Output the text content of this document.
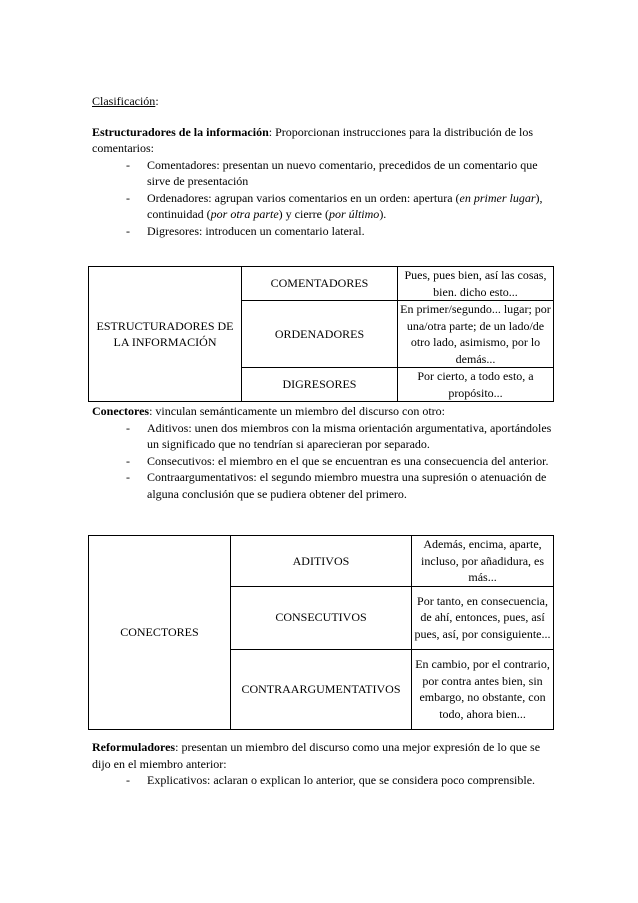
Clasificación:

Estructuradores de la información: Proporcionan instrucciones para la distribución de los comentarios:

- Comentadores: presentan un nuevo comentario, precedidos de un comentario que sirve de presentación
- Ordenadores: agrupan varios comentarios en un orden: apertura (en primer lugar), continuidad (por otra parte) y cierre (por último).
- Digresores: introducen un comentario lateral.
ESTRUCTURADORES DE LA INFORMACIÓN	COMENTADORES	Pues, pues bien, así las cosas, bien. dicho esto...
	ORDENADORES	En primer/segundo... lugar; por una/otra parte; de un lado/de otro lado, asimismo, por lo demás...
	DIGRESORES	Por cierto, a todo esto, a propósito...

Conectores: vinculan semánticamente un miembro del discurso con otro:

- Aditivos: unen dos miembros con la misma orientación argumentativa, aportándoles un significado que no tendrían si aparecieran por separado.
- Consecutivos: el miembro en el que se encuentran es una consecuencia del anterior.
- Contraargumentativos: el segundo miembro muestra una supresión o atenuación de alguna conclusión que se pudiera obtener del primero.
CONECTORES	ADITIVOS	Además, encima, aparte, incluso, por añadidura, es más...
	CONSECUTIVOS	Por tanto, en consecuencia, de ahí, entonces, pues, así pues, así, por consiguiente...
	CONTRAARGUMENTATIVOS	En cambio, por el contrario, por contra antes bien, sin embargo, no obstante, con todo, ahora bien...

Reformuladores: presentan un miembro del discurso como una mejor expresión de lo que se dijo en el miembro anterior:

- Explicativos: aclaran o explican lo anterior, que se considera poco comprensible.
